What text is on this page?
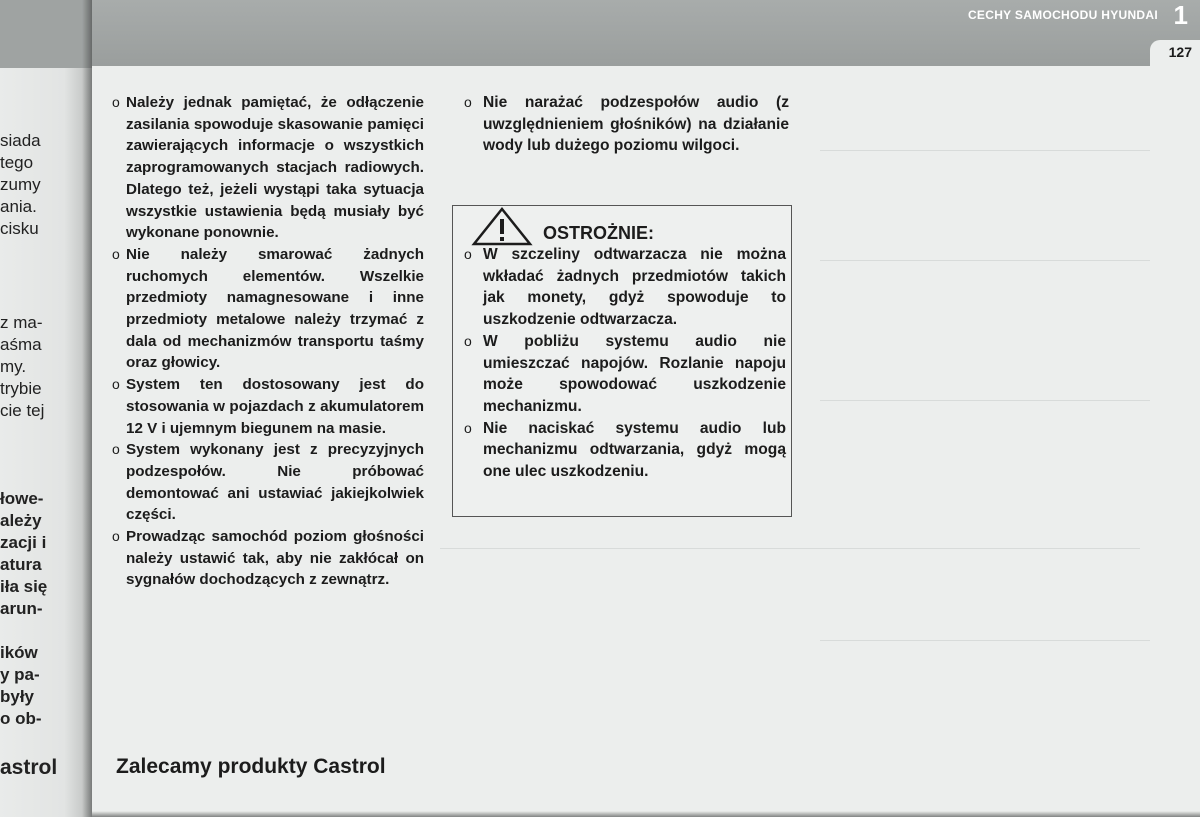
siada
tego
zumy
ania.
cisku
z ma-
aśma
my.
trybie
cie tej
łowe-
ależy
zacji i
atura
iła się
arun-
ików
y pa-
były
o ob-
astrol
CECHY SAMOCHODU HYUNDAI 1
127
o Należy jednak pamiętać, że odłączenie zasilania spowoduje skasowanie pamięci zawierających informacje o wszystkich zaprogramowanych stacjach radiowych. Dlatego też, jeżeli wystąpi taka sytuacja wszystkie ustawienia będą musiały być wykonane ponownie.
o Nie należy smarować żadnych ruchomych elementów. Wszelkie przedmioty namagnesowane i inne przedmioty metalowe należy trzymać z dala od mechanizmów transportu taśmy oraz głowicy.
o System ten dostosowany jest do stosowania w pojazdach z akumulatorem 12 V i ujemnym biegunem na masie.
o System wykonany jest z precyzyjnych podzespołów. Nie próbować demontować ani ustawiać jakiejkolwiek części.
o Prowadząc samochód poziom głośności należy ustawić tak, aby nie zakłócał on sygnałów dochodzących z zewnątrz.
o Nie narażać podzespołów audio (z uwzględnieniem głośników) na działanie wody lub dużego poziomu wilgoci.
OSTROŻNIE:
o W szczeliny odtwarzacza nie można wkładać żadnych przedmiotów takich jak monety, gdyż spowoduje to uszkodzenie odtwarzacza.
o W pobliżu systemu audio nie umieszczać napojów. Rozlanie napoju może spowodować uszkodzenie mechanizmu.
o Nie naciskać systemu audio lub mechanizmu odtwarzania, gdyż mogą one ulec uszkodzeniu.
Zalecamy produkty Castrol
